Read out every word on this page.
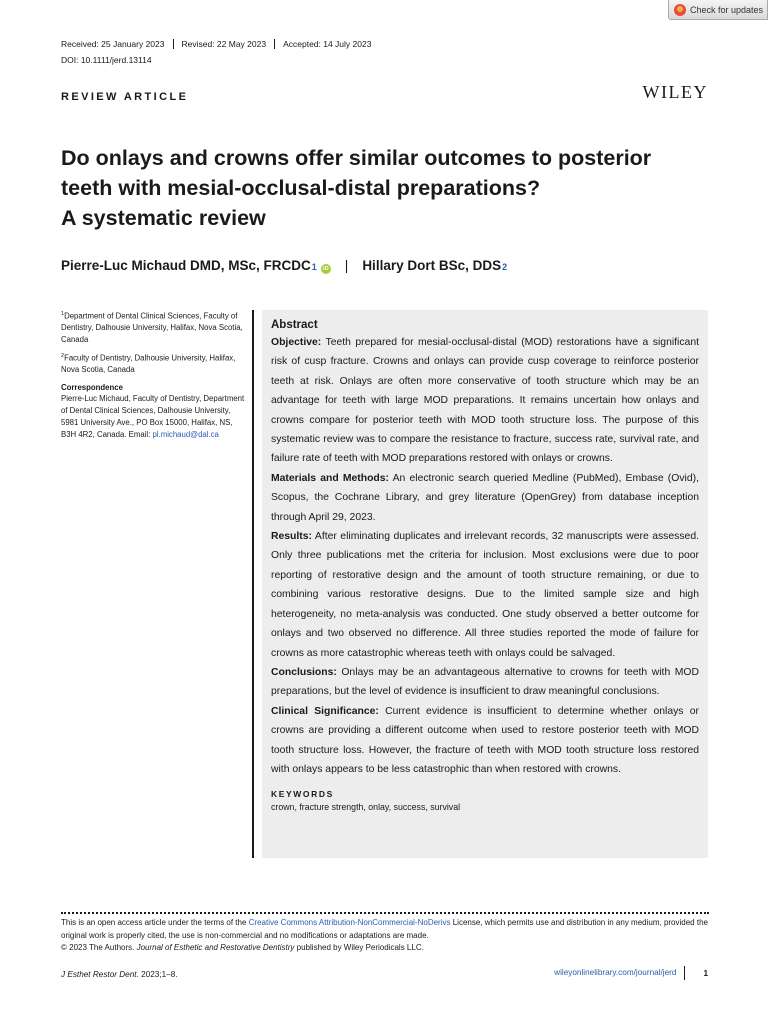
Check for updates
Received: 25 January 2023	Revised: 22 May 2023	Accepted: 14 July 2023
DOI: 10.1111/jerd.13114
REVIEW ARTICLE	WILEY
Do onlays and crowns offer similar outcomes to posterior
teeth with mesial-occlusal-distal preparations?
A systematic review
Pierre-Luc Michaud DMD, MSc, FRCDC 1	iD | Hillary Dort BSc, DDS 2

$^1$Department of Dental Clinical Sciences, Faculty of Dentistry, Dalhousie University, Halifax, Nova Scotia, Canada

$^2$Faculty of Dentistry, Dalhousie University, Halifax, Nova Scotia, Canada

Correspondence
Pierre-Luc Michaud, Faculty of Dentistry, Department of Dental Clinical Sciences, Dalhousie University, 5981 University Ave., PO Box 15000, Halifax, NS, B3H 4R2, Canada. Email: pl.michaud@dal.ca
Abstract

Objective: Teeth prepared for mesial-occlusal-distal (MOD) restorations have a significant risk of cusp fracture. Crowns and onlays can provide cusp coverage to reinforce posterior teeth at risk. Onlays are often more conservative of tooth structure which may be an advantage for teeth with large MOD preparations. It remains uncertain how onlays and crowns compare for posterior teeth with MOD tooth structure loss. The purpose of this systematic review was to compare the resistance to fracture, success rate, survival rate, and failure rate of teeth with MOD preparations restored with onlays or crowns.

Materials and Methods: An electronic search queried Medline (PubMed), Embase (Ovid), Scopus, the Cochrane Library, and grey literature (OpenGrey) from database inception through April 29, 2023.

Results: After eliminating duplicates and irrelevant records, 32 manuscripts were assessed. Only three publications met the criteria for inclusion. Most exclusions were due to poor reporting of restorative design and the amount of tooth structure remaining, or due to combining various restorative designs. Due to the limited sample size and high heterogeneity, no meta-analysis was conducted. One study observed a better outcome for onlays and two observed no difference. All three studies reported the mode of failure for crowns as more catastrophic whereas teeth with onlays could be salvaged.

Conclusions: Onlays may be an advantageous alternative to crowns for teeth with MOD preparations, but the level of evidence is insufficient to draw meaningful conclusions.

Clinical Significance: Current evidence is insufficient to determine whether onlays or crowns are providing a different outcome when used to restore posterior teeth with MOD tooth structure loss. However, the fracture of teeth with MOD tooth structure loss restored with onlays appears to be less catastrophic than when restored with crowns.

KEYWORDS
crown, fracture strength, onlay, success, survival
This is an open access article under the terms of the Creative Commons Attribution-NonCommercial-NoDerivs License, which permits use and distribution in any medium, provided the original work is properly cited, the use is non-commercial and no modifications or adaptations are made.
© 2023 The Authors. Journal of Esthetic and Restorative Dentistry published by Wiley Periodicals LLC.
J Esthet Restor Dent. 2023;1–8.	wileyonlinelibrary.com/journal/jerd	1
